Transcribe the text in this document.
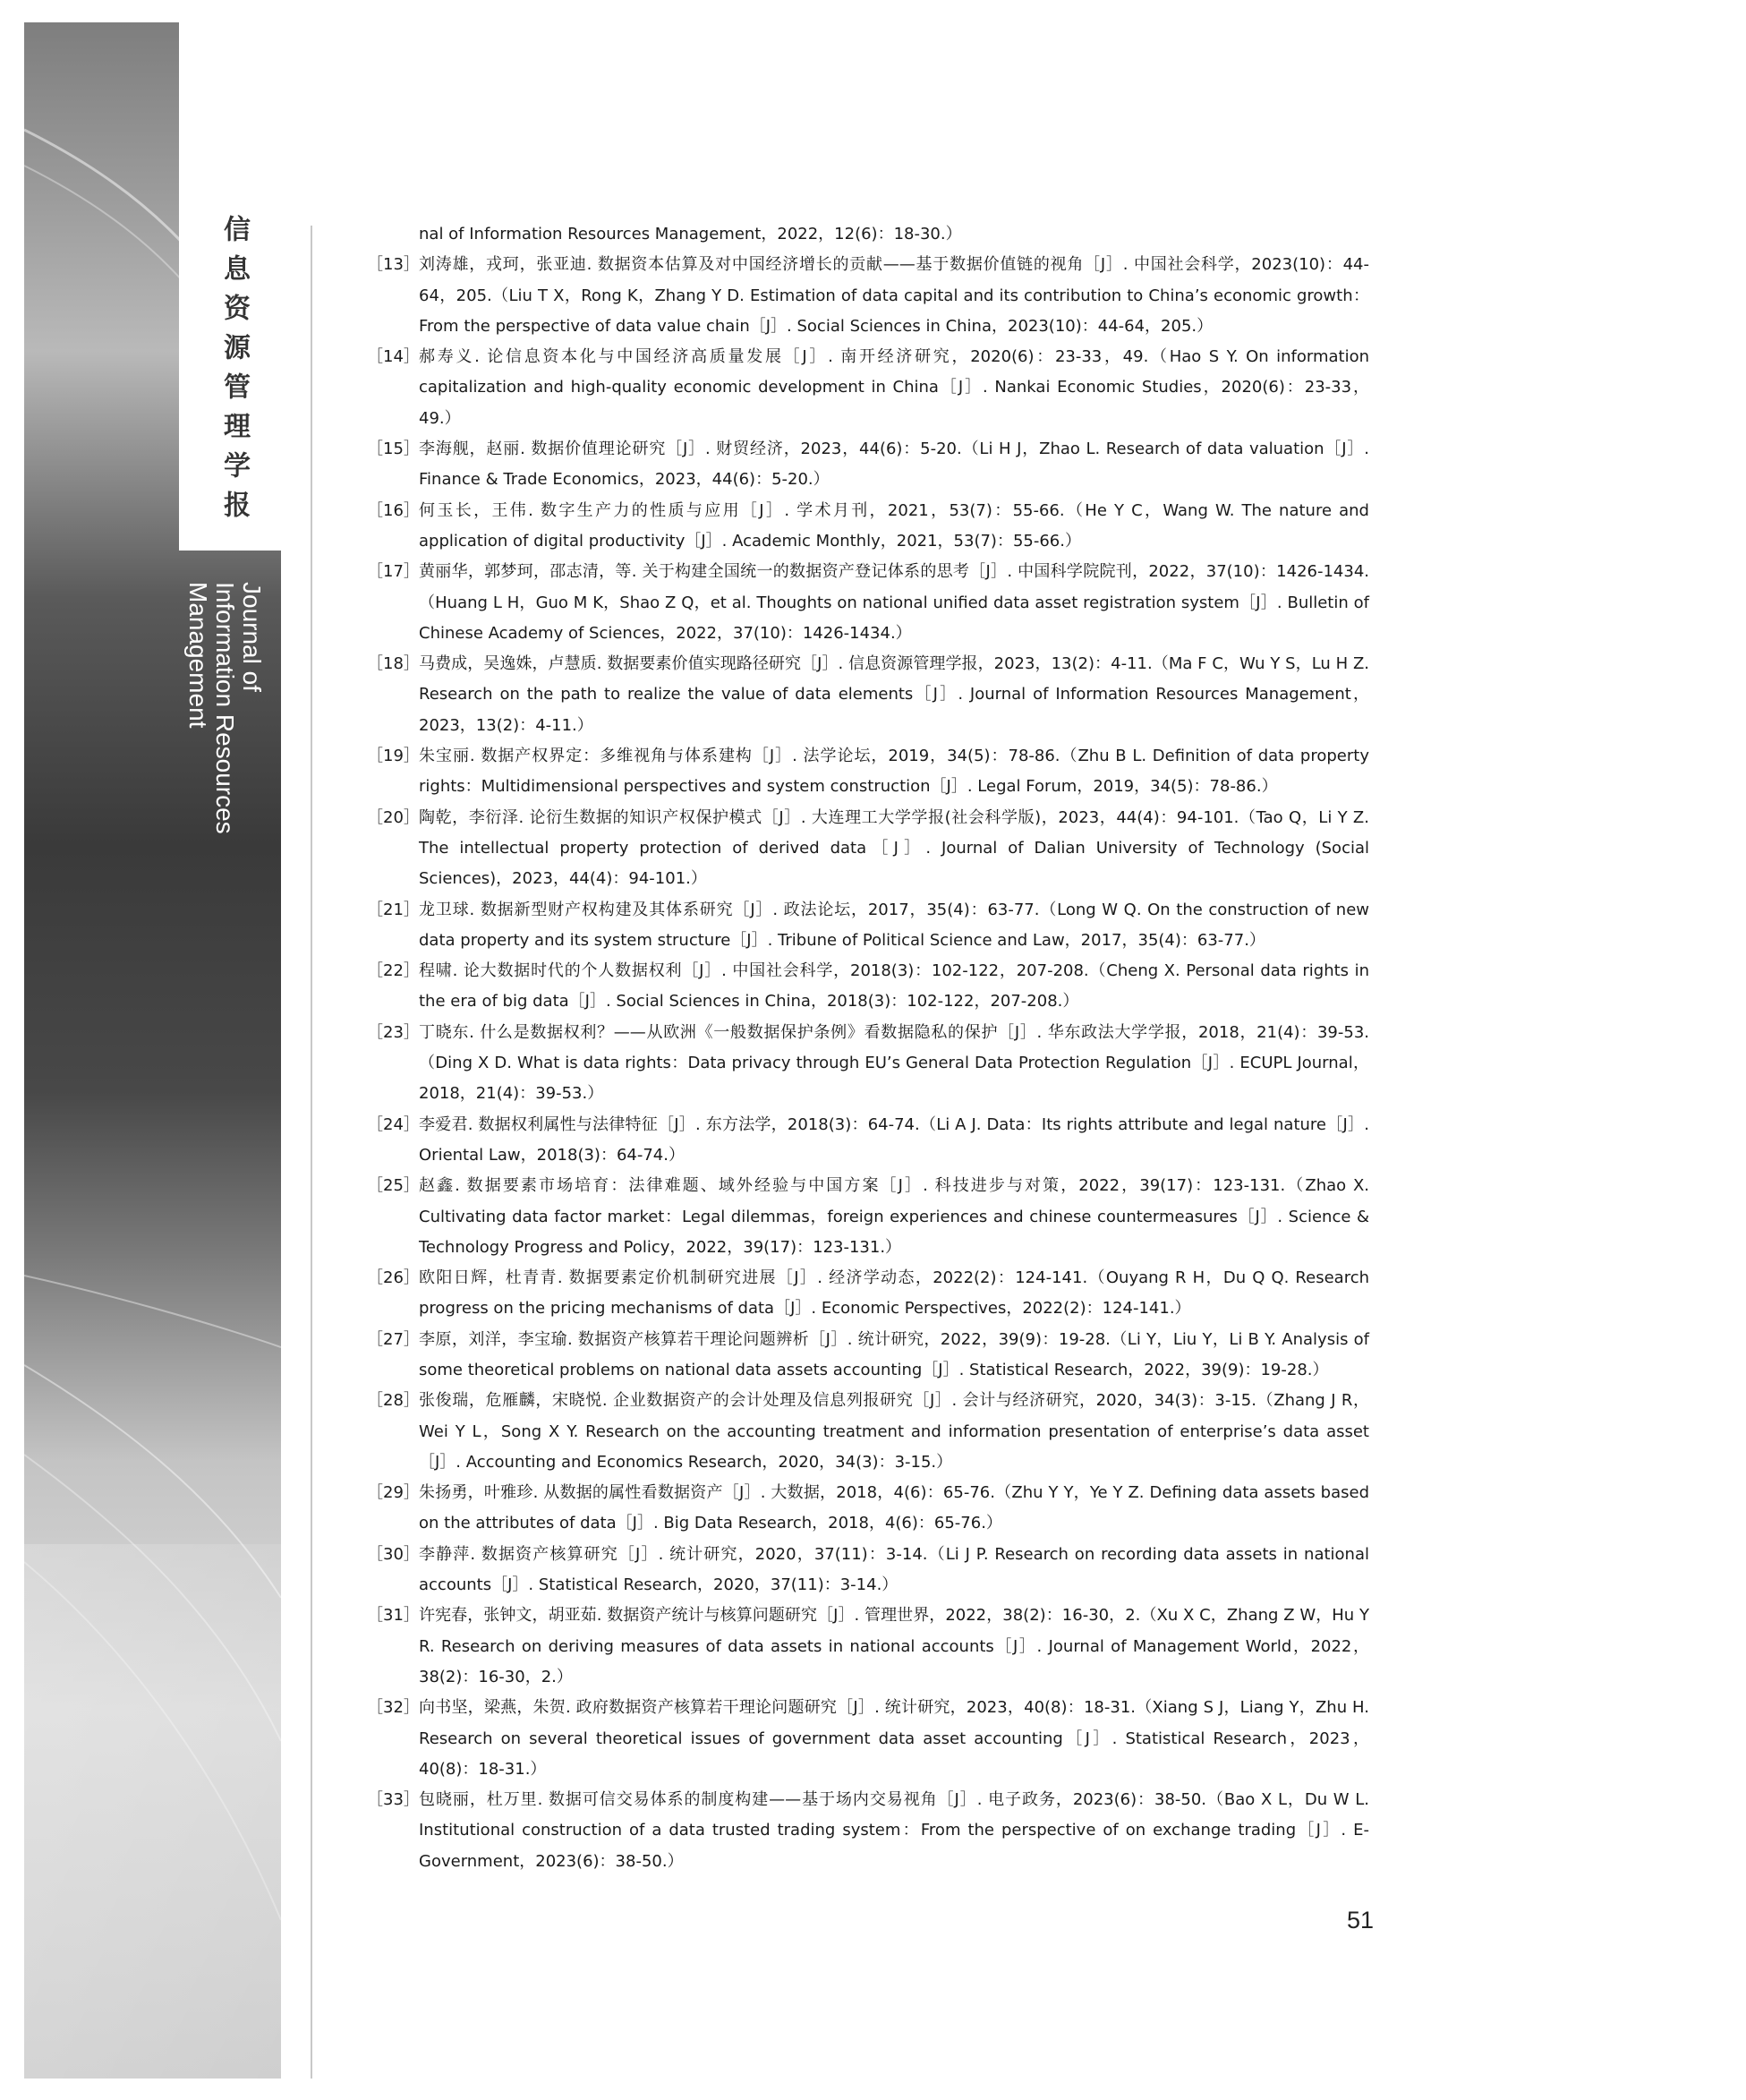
信息资源管理学报
Journal of
Information Resources
Management
nal of Information Resources Management，2022，12(6)：18-30.）
［13］ 刘涛雄，戎珂，张亚迪. 数据资本估算及对中国经济增长的贡献——基于数据价值链的视角［J］. 中国社会科学，2023(10)：44-64，205.（Liu T X，Rong K，Zhang Y D. Estimation of data capital and its contribution to China’s economic growth：From the perspective of data value chain［J］. Social Sciences in China，2023(10)：44-64，205.）
［14］ 郝寿义. 论信息资本化与中国经济高质量发展［J］. 南开经济研究，2020(6)：23-33，49.（Hao S Y. On information capitalization and high-quality economic development in China［J］. Nankai Economic Studies，2020(6)：23-33，49.）
［15］ 李海舰，赵丽. 数据价值理论研究［J］. 财贸经济，2023，44(6)：5-20.（Li H J，Zhao L. Research of data valuation［J］. Finance & Trade Economics，2023，44(6)：5-20.）
［16］ 何玉长，王伟. 数字生产力的性质与应用［J］. 学术月刊，2021，53(7)：55-66.（He Y C，Wang W. The nature and application of digital productivity［J］. Academic Monthly，2021，53(7)：55-66.）
［17］ 黄丽华，郭梦珂，邵志清，等. 关于构建全国统一的数据资产登记体系的思考［J］. 中国科学院院刊，2022，37(10)：1426-1434.（Huang L H，Guo M K，Shao Z Q，et al. Thoughts on national unified data asset registration system［J］. Bulletin of Chinese Academy of Sciences，2022，37(10)：1426-1434.）
［18］ 马费成，吴逸姝，卢慧质. 数据要素价值实现路径研究［J］. 信息资源管理学报，2023，13(2)：4-11.（Ma F C，Wu Y S，Lu H Z. Research on the path to realize the value of data elements［J］. Journal of Information Resources Management，2023，13(2)：4-11.）
［19］ 朱宝丽. 数据产权界定：多维视角与体系建构［J］. 法学论坛，2019，34(5)：78-86.（Zhu B L. Definition of data property rights：Multidimensional perspectives and system construction［J］. Legal Forum，2019，34(5)：78-86.）
［20］ 陶乾，李衍泽. 论衍生数据的知识产权保护模式［J］. 大连理工大学学报(社会科学版)，2023，44(4)：94-101.（Tao Q，Li Y Z. The intellectual property protection of derived data［J］. Journal of Dalian University of Technology (Social Sciences)，2023，44(4)：94-101.）
［21］ 龙卫球. 数据新型财产权构建及其体系研究［J］. 政法论坛，2017，35(4)：63-77.（Long W Q. On the construction of new data property and its system structure［J］. Tribune of Political Science and Law，2017，35(4)：63-77.）
［22］ 程啸. 论大数据时代的个人数据权利［J］. 中国社会科学，2018(3)：102-122，207-208.（Cheng X. Personal data rights in the era of big data［J］. Social Sciences in China，2018(3)：102-122，207-208.）
［23］ 丁晓东. 什么是数据权利？——从欧洲《一般数据保护条例》看数据隐私的保护［J］. 华东政法大学学报，2018，21(4)：39-53.（Ding X D. What is data rights：Data privacy through EU’s General Data Protection Regulation［J］. ECUPL Journal，2018，21(4)：39-53.）
［24］ 李爱君. 数据权利属性与法律特征［J］. 东方法学，2018(3)：64-74.（Li A J. Data：Its rights attribute and legal nature［J］. Oriental Law，2018(3)：64-74.）
［25］ 赵鑫. 数据要素市场培育：法律难题、域外经验与中国方案［J］. 科技进步与对策，2022，39(17)：123-131.（Zhao X. Cultivating data factor market：Legal dilemmas，foreign experiences and chinese countermeasures［J］. Science & Technology Progress and Policy，2022，39(17)：123-131.）
［26］ 欧阳日辉，杜青青. 数据要素定价机制研究进展［J］. 经济学动态，2022(2)：124-141.（Ouyang R H，Du Q Q. Research progress on the pricing mechanisms of data［J］. Economic Perspectives，2022(2)：124-141.）
［27］ 李原，刘洋，李宝瑜. 数据资产核算若干理论问题辨析［J］. 统计研究，2022，39(9)：19-28.（Li Y，Liu Y，Li B Y. Analysis of some theoretical problems on national data assets accounting［J］. Statistical Research，2022，39(9)：19-28.）
［28］ 张俊瑞，危雁麟，宋晓悦. 企业数据资产的会计处理及信息列报研究［J］. 会计与经济研究，2020，34(3)：3-15.（Zhang J R，Wei Y L，Song X Y. Research on the accounting treatment and information presentation of enterprise’s data asset［J］. Accounting and Economics Research，2020，34(3)：3-15.）
［29］ 朱扬勇，叶雅珍. 从数据的属性看数据资产［J］. 大数据，2018，4(6)：65-76.（Zhu Y Y，Ye Y Z. Defining data assets based on the attributes of data［J］. Big Data Research，2018，4(6)：65-76.）
［30］ 李静萍. 数据资产核算研究［J］. 统计研究，2020，37(11)：3-14.（Li J P. Research on recording data assets in national accounts［J］. Statistical Research，2020，37(11)：3-14.）
［31］ 许宪春，张钟文，胡亚茹. 数据资产统计与核算问题研究［J］. 管理世界，2022，38(2)：16-30，2.（Xu X C，Zhang Z W，Hu Y R. Research on deriving measures of data assets in national accounts［J］. Journal of Management World，2022，38(2)：16-30，2.）
［32］ 向书坚，梁燕，朱贺. 政府数据资产核算若干理论问题研究［J］. 统计研究，2023，40(8)：18-31.（Xiang S J，Liang Y，Zhu H. Research on several theoretical issues of government data asset accounting［J］. Statistical Research，2023，40(8)：18-31.）
［33］ 包晓丽，杜万里. 数据可信交易体系的制度构建——基于场内交易视角［J］. 电子政务，2023(6)：38-50.（Bao X L，Du W L. Institutional construction of a data trusted trading system：From the perspective of on exchange trading［J］. E-Government，2023(6)：38-50.）
51
